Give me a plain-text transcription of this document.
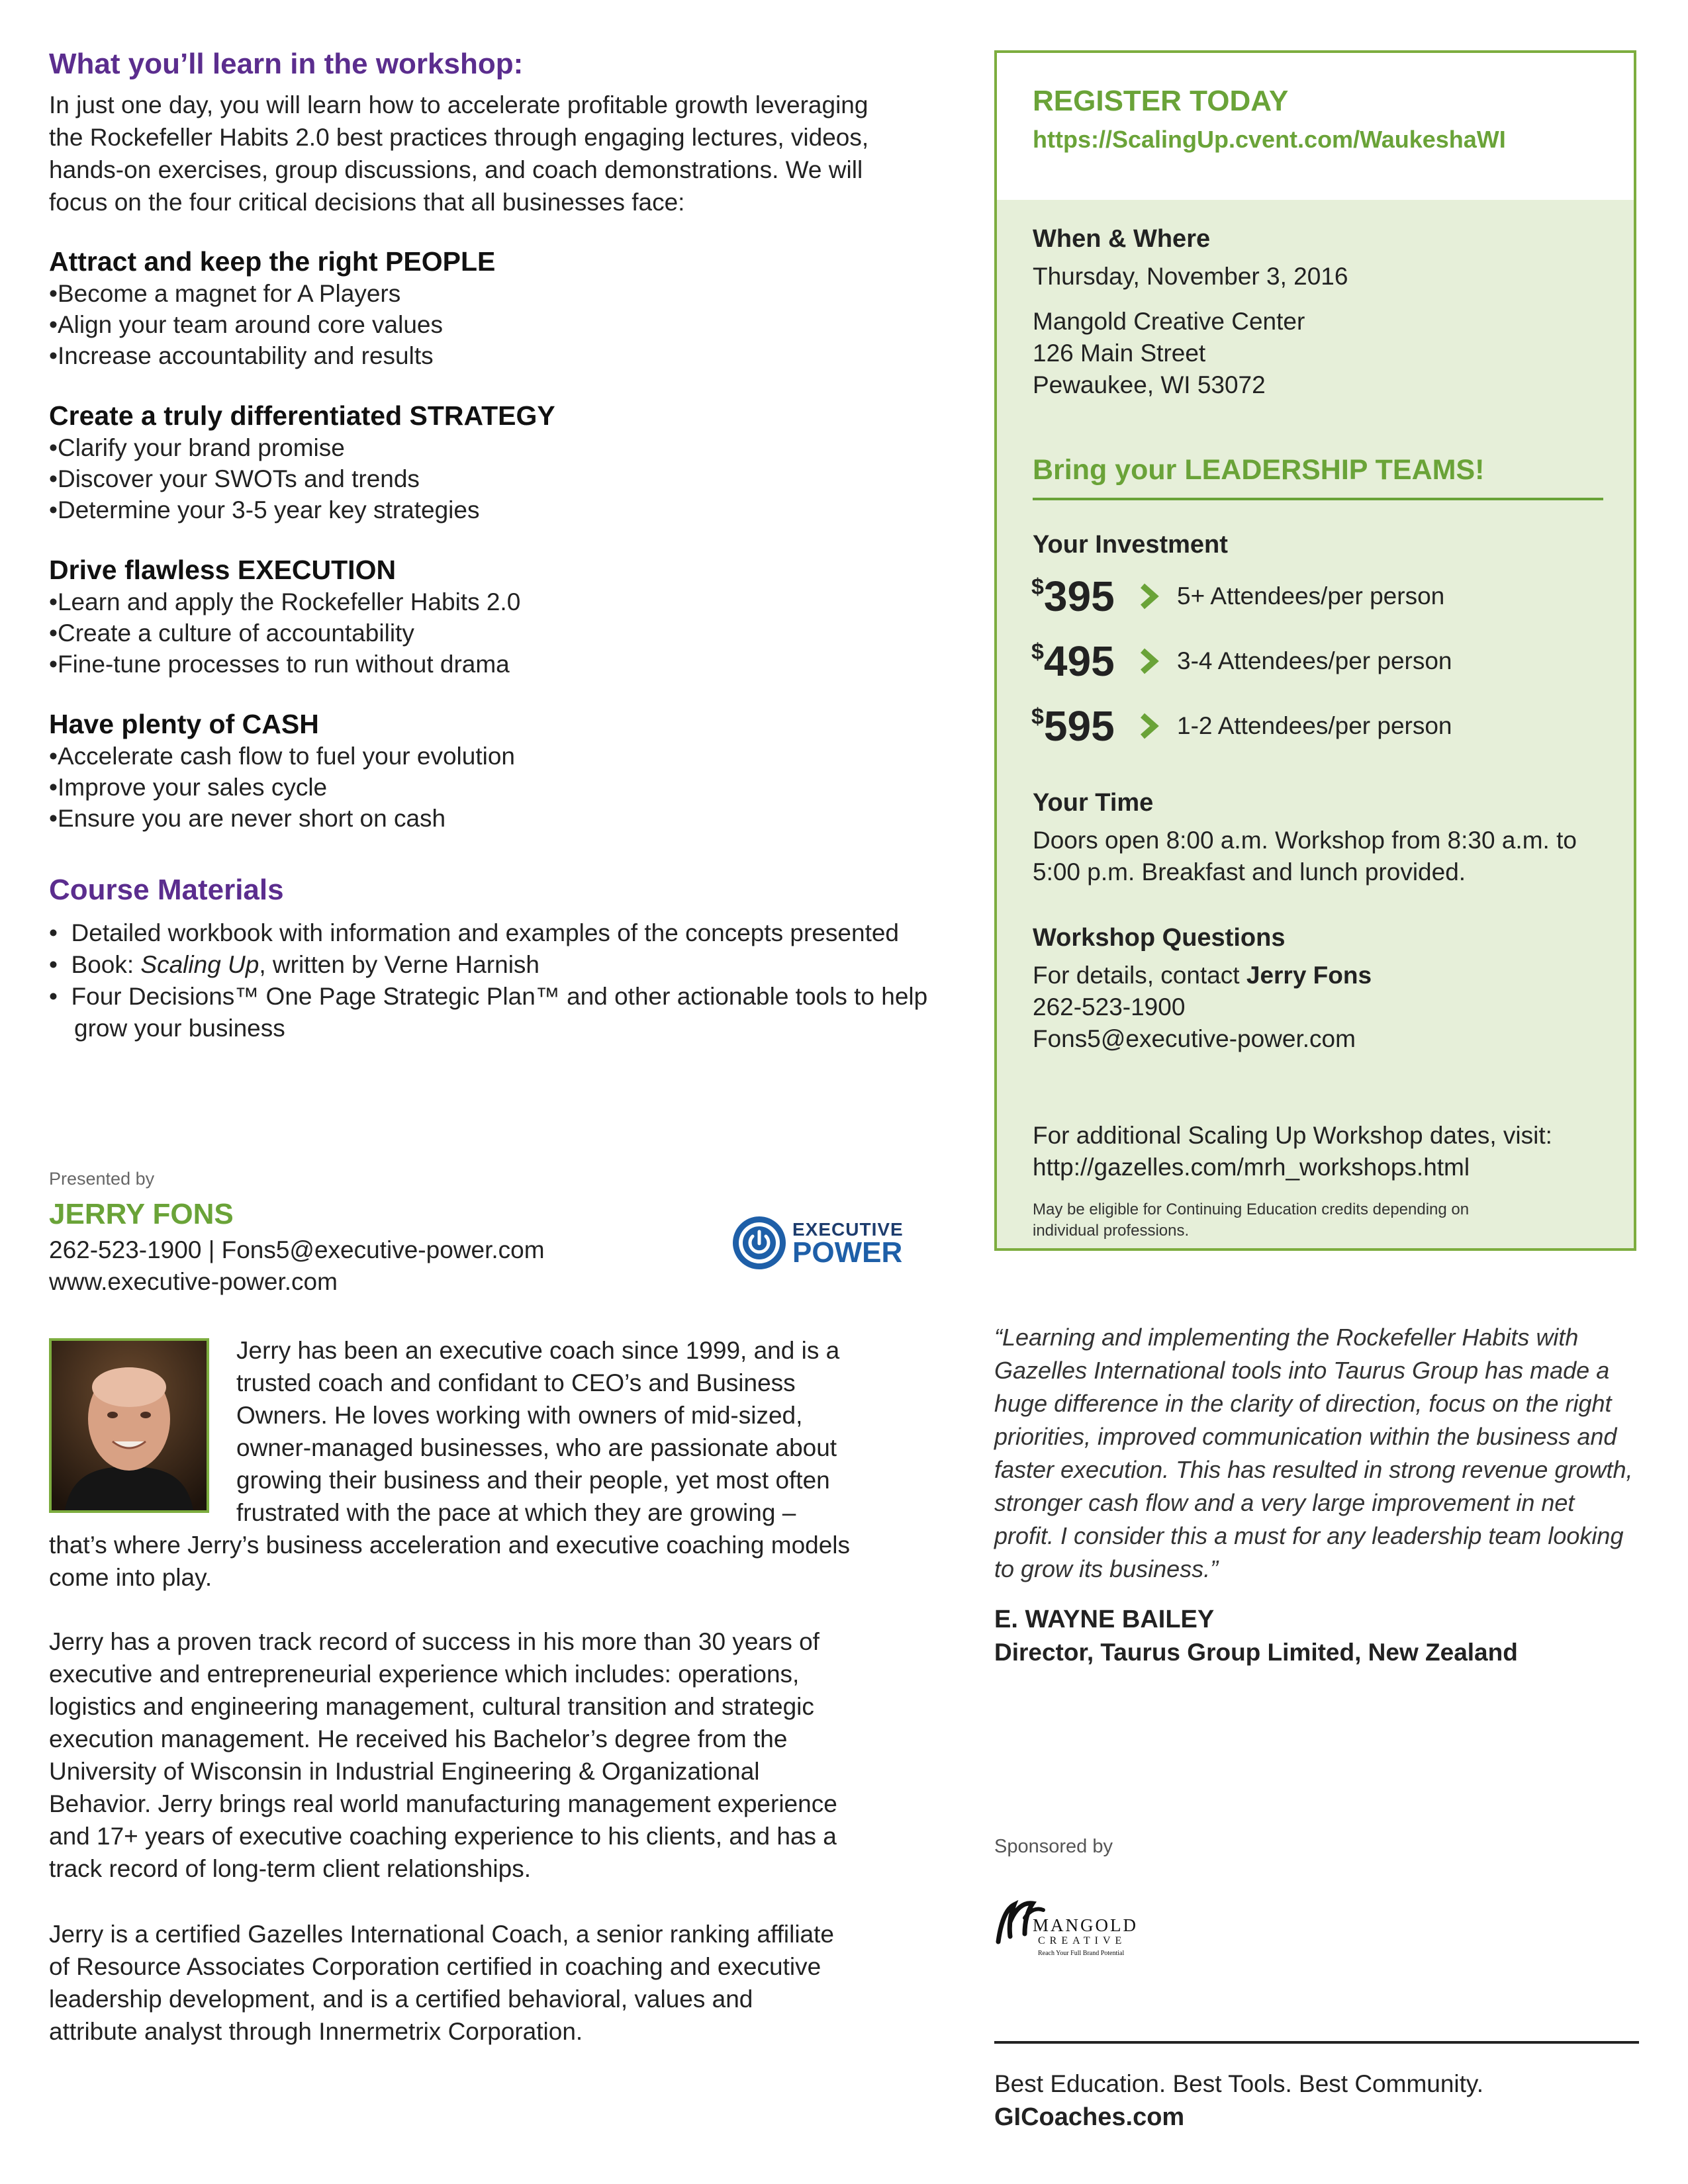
What you’ll learn in the workshop:
In just one day, you will learn how to accelerate profitable growth leveraging
the Rockefeller Habits 2.0 best practices through engaging lectures, videos,
hands-on exercises, group discussions, and coach demonstrations. We will
focus on the four critical decisions that all businesses face:

Attract and keep the right PEOPLE

• Become a magnet for A Players
• Align your team around core values
• Increase accountability and results

Create a truly differentiated STRATEGY

• Clarify your brand promise
• Discover your SWOTs and trends
• Determine your 3-5 year key strategies

Drive flawless EXECUTION

• Learn and apply the Rockefeller Habits 2.0
• Create a culture of accountability
• Fine-tune processes to run without drama

Have plenty of CASH

• Accelerate cash flow to fuel your evolution
• Improve your sales cycle
• Ensure you are never short on cash
Course Materials
•  Detailed workbook with information and examples of the concepts presented
•  Book: Scaling Up, written by Verne Harnish
•  Four Decisions™ One Page Strategic Plan™ and other actionable tools to help grow your business
Presented by
JERRY FONS
262-523-1900 | Fons5@executive-power.com
www.executive-power.com
EXECUTIVE
POWER
Jerry has been an executive coach since 1999, and is a
trusted coach and confidant to CEO’s and Business
Owners. He loves working with owners of mid-sized,
owner-managed businesses, who are passionate about
growing their business and their people, yet most often
frustrated with the pace at which they are growing –
that’s where Jerry’s business acceleration and executive coaching models
come into play.
Jerry has a proven track record of success in his more than 30 years of
executive and entrepreneurial experience which includes: operations,
logistics and engineering management, cultural transition and strategic
execution management. He received his Bachelor’s degree from the
University of Wisconsin in Industrial Engineering & Organizational
Behavior. Jerry brings real world manufacturing management experience
and 17+ years of executive coaching experience to his clients, and has a
track record of long-term client relationships.
Jerry is a certified Gazelles International Coach, a senior ranking affiliate
of Resource Associates Corporation certified in coaching and executive
leadership development, and is a certified behavioral, values and
attribute analyst through Innermetrix Corporation.
REGISTER TODAY
https://ScalingUp.cvent.com/WaukeshaWI
When & Where
Thursday, November 3, 2016
Mangold Creative Center
126 Main Street
Pewaukee, WI 53072
Bring your LEADERSHIP TEAMS!
Your Investment
$395	5+ Attendees/per person
$495	3-4 Attendees/per person
$595	1-2 Attendees/per person
Your Time
Doors open 8:00 a.m. Workshop from 8:30 a.m. to
5:00 p.m. Breakfast and lunch provided.
Workshop Questions
For details, contact Jerry Fons
262-523-1900
Fons5@executive-power.com
For additional Scaling Up Workshop dates, visit:
http://gazelles.com/mrh_workshops.html
May be eligible for Continuing Education credits depending on
individual professions.
“Learning and implementing the Rockefeller Habits with
Gazelles International tools into Taurus Group has made a
huge difference in the clarity of direction, focus on the right
priorities, improved communication within the business and
faster execution. This has resulted in strong revenue growth,
stronger cash flow and a very large improvement in net
profit. I consider this a must for any leadership team looking
to grow its business.”
E. WAYNE BAILEY
Director, Taurus Group Limited, New Zealand
Sponsored by
MANGOLD
CREATIVE
Reach Your Full Brand Potential
Best Education. Best Tools. Best Community.
GICoaches.com
